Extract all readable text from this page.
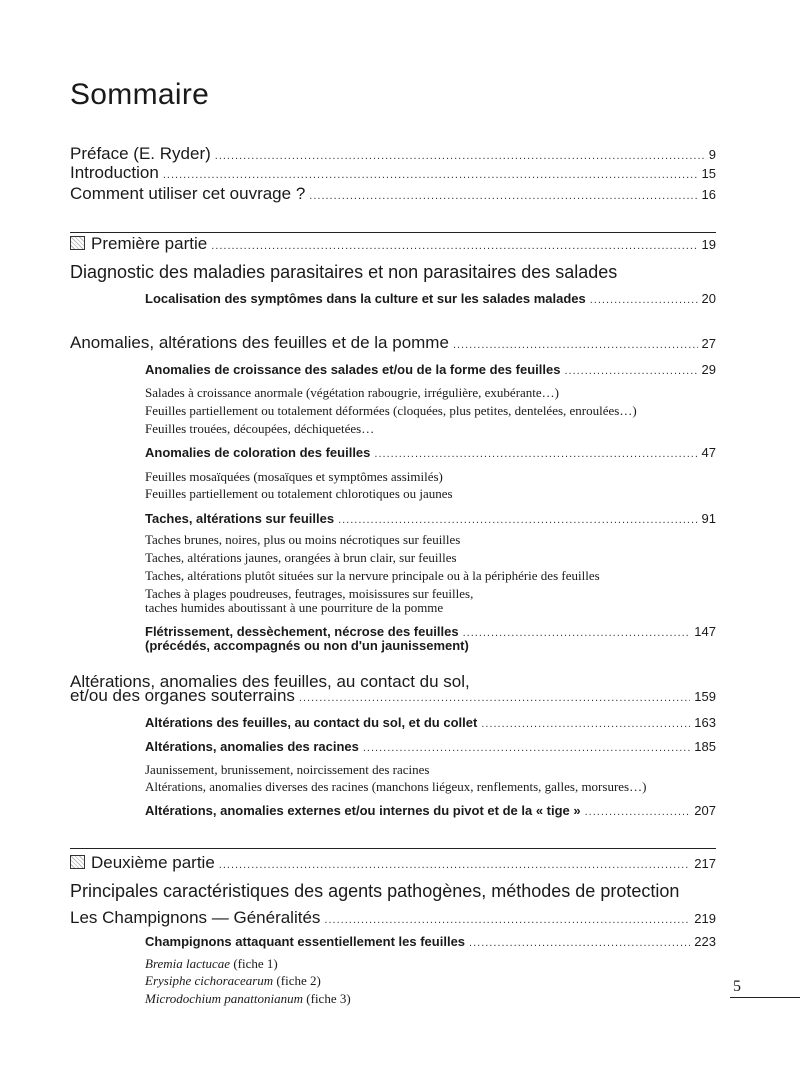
Sommaire
Préface (E. Ryder) .....	9
Introduction .....	15
Comment utiliser cet ouvrage ? .....	16
Première partie .....	19
Diagnostic des maladies parasitaires et non parasitaires des salades
Localisation des symptômes dans la culture et sur les salades malades .....	20
Anomalies, altérations des feuilles et de la pomme .....	27
Anomalies de croissance des salades et/ou de la forme des feuilles .....	29
Salades à croissance anormale (végétation rabougrie, irrégulière, exubérante…)
Feuilles partiellement ou totalement déformées (cloquées, plus petites, dentelées, enroulées…)
Feuilles trouées, découpées, déchiquetées…
Anomalies de coloration des feuilles .....	47
Feuilles mosaïquées (mosaïques et symptômes assimilés)
Feuilles partiellement ou totalement chlorotiques ou jaunes
Taches, altérations sur feuilles .....	91
Taches brunes, noires, plus ou moins nécrotiques sur feuilles
Taches, altérations jaunes, orangées à brun clair, sur feuilles
Taches, altérations plutôt situées sur la nervure principale ou à la périphérie des feuilles
Taches à plages poudreuses, feutrages, moisissures sur feuilles,
taches humides aboutissant à une pourriture de la pomme
Flétrissement, dessèchement, nécrose des feuilles .....	147
(précédés, accompagnés ou non d'un jaunissement)
Altérations, anomalies des feuilles, au contact du sol,
et/ou des organes souterrains .....	159
Altérations des feuilles, au contact du sol, et du collet .....	163
Altérations, anomalies des racines .....	185
Jaunissement, brunissement, noircissement des racines
Altérations, anomalies diverses des racines (manchons liégeux, renflements, galles, morsures…)
Altérations, anomalies externes et/ou internes du pivot et de la « tige » .....	207
Deuxième partie .....	217
Principales caractéristiques des agents pathogènes, méthodes de protection
Les Champignons — Généralités .....	219
Champignons attaquant essentiellement les feuilles .....	223
Bremia lactucae (fiche 1)
Erysiphe cichoracearum (fiche 2)
Microdochium panattonianum (fiche 3)
5
